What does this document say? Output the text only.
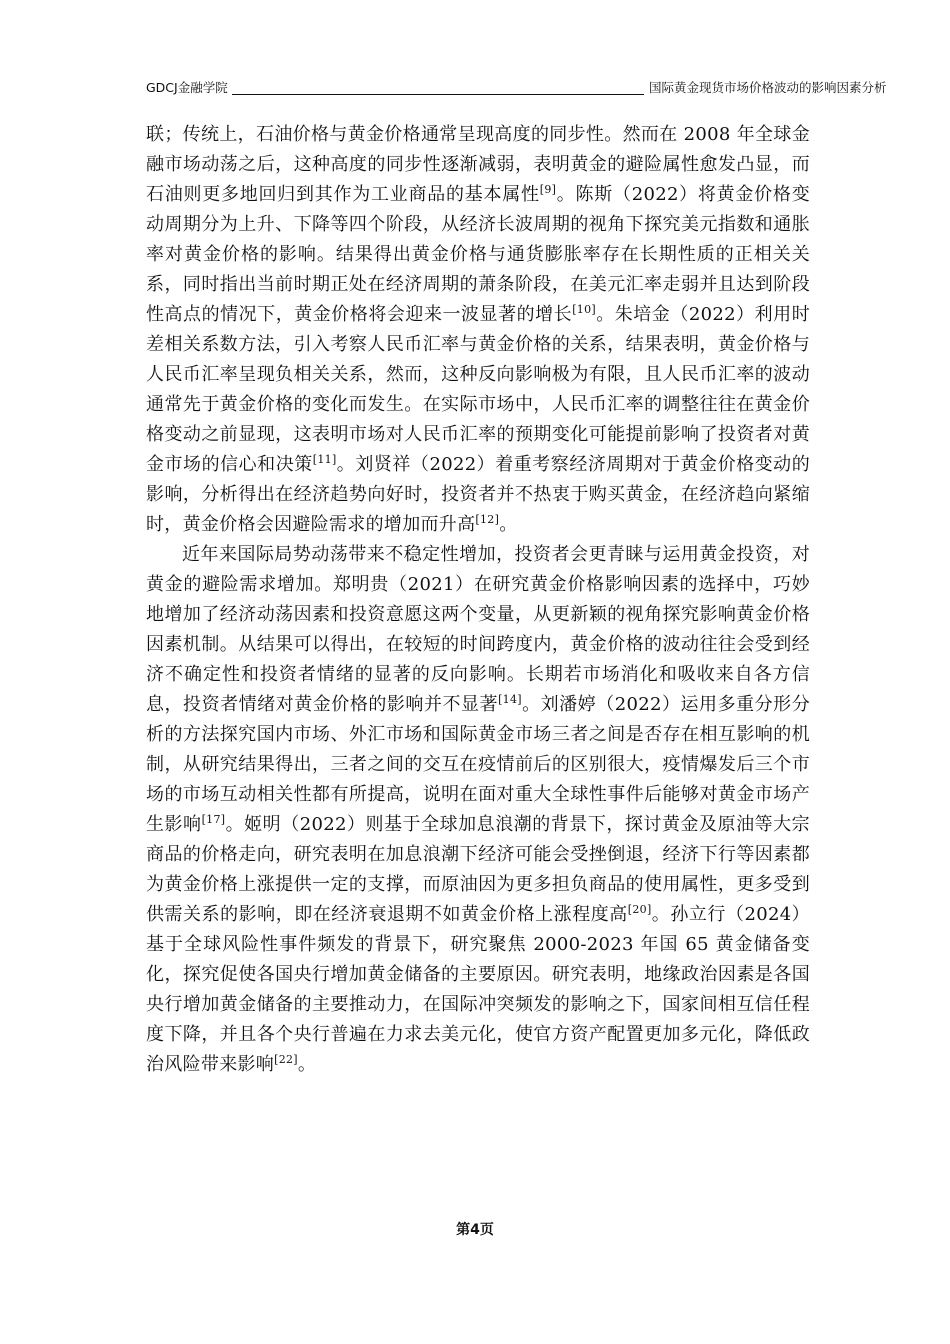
GDCJ金融学院	国际黄金现货市场价格波动的影响因素分析

联；传统上，石油价格与黄金价格通常呈现高度的同步性。然而在 2008 年全球金融市场动荡之后，这种高度的同步性逐渐减弱，表明黄金的避险属性愈发凸显，而石油则更多地回归到其作为工业商品的基本属性[9]。陈斯（2022）将黄金价格变动周期分为上升、下降等四个阶段，从经济长波周期的视角下探究美元指数和通胀率对黄金价格的影响。结果得出黄金价格与通货膨胀率存在长期性质的正相关关系，同时指出当前时期正处在经济周期的萧条阶段，在美元汇率走弱并且达到阶段性高点的情况下，黄金价格将会迎来一波显著的增长[10]。朱培金（2022）利用时差相关系数方法，引入考察人民币汇率与黄金价格的关系，结果表明，黄金价格与人民币汇率呈现负相关关系，然而，这种反向影响极为有限，且人民币汇率的波动通常先于黄金价格的变化而发生。在实际市场中，人民币汇率的调整往往在黄金价格变动之前显现，这表明市场对人民币汇率的预期变化可能提前影响了投资者对黄金市场的信心和决策[11]。刘贤祥（2022）着重考察经济周期对于黄金价格变动的影响，分析得出在经济趋势向好时，投资者并不热衷于购买黄金，在经济趋向紧缩时，黄金价格会因避险需求的增加而升高[12]。

近年来国际局势动荡带来不稳定性增加，投资者会更青睐与运用黄金投资，对黄金的避险需求增加。郑明贵（2021）在研究黄金价格影响因素的选择中，巧妙地增加了经济动荡因素和投资意愿这两个变量，从更新颖的视角探究影响黄金价格因素机制。从结果可以得出，在较短的时间跨度内，黄金价格的波动往往会受到经济不确定性和投资者情绪的显著的反向影响。长期若市场消化和吸收来自各方信息，投资者情绪对黄金价格的影响并不显著[14]。刘潘婷（2022）运用多重分形分析的方法探究国内市场、外汇市场和国际黄金市场三者之间是否存在相互影响的机制，从研究结果得出，三者之间的交互在疫情前后的区别很大，疫情爆发后三个市场的市场互动相关性都有所提高，说明在面对重大全球性事件后能够对黄金市场产生影响[17]。姬明（2022）则基于全球加息浪潮的背景下，探讨黄金及原油等大宗商品的价格走向，研究表明在加息浪潮下经济可能会受挫倒退，经济下行等因素都为黄金价格上涨提供一定的支撑，而原油因为更多担负商品的使用属性，更多受到供需关系的影响，即在经济衰退期不如黄金价格上涨程度高[20]。孙立行（2024）基于全球风险性事件频发的背景下，研究聚焦 2000-2023 年国 65 黄金储备变化，探究促使各国央行增加黄金储备的主要原因。研究表明，地缘政治因素是各国央行增加黄金储备的主要推动力，在国际冲突频发的影响之下，国家间相互信任程度下降，并且各个央行普遍在力求去美元化，使官方资产配置更加多元化，降低政治风险带来影响[22]。

第4页
